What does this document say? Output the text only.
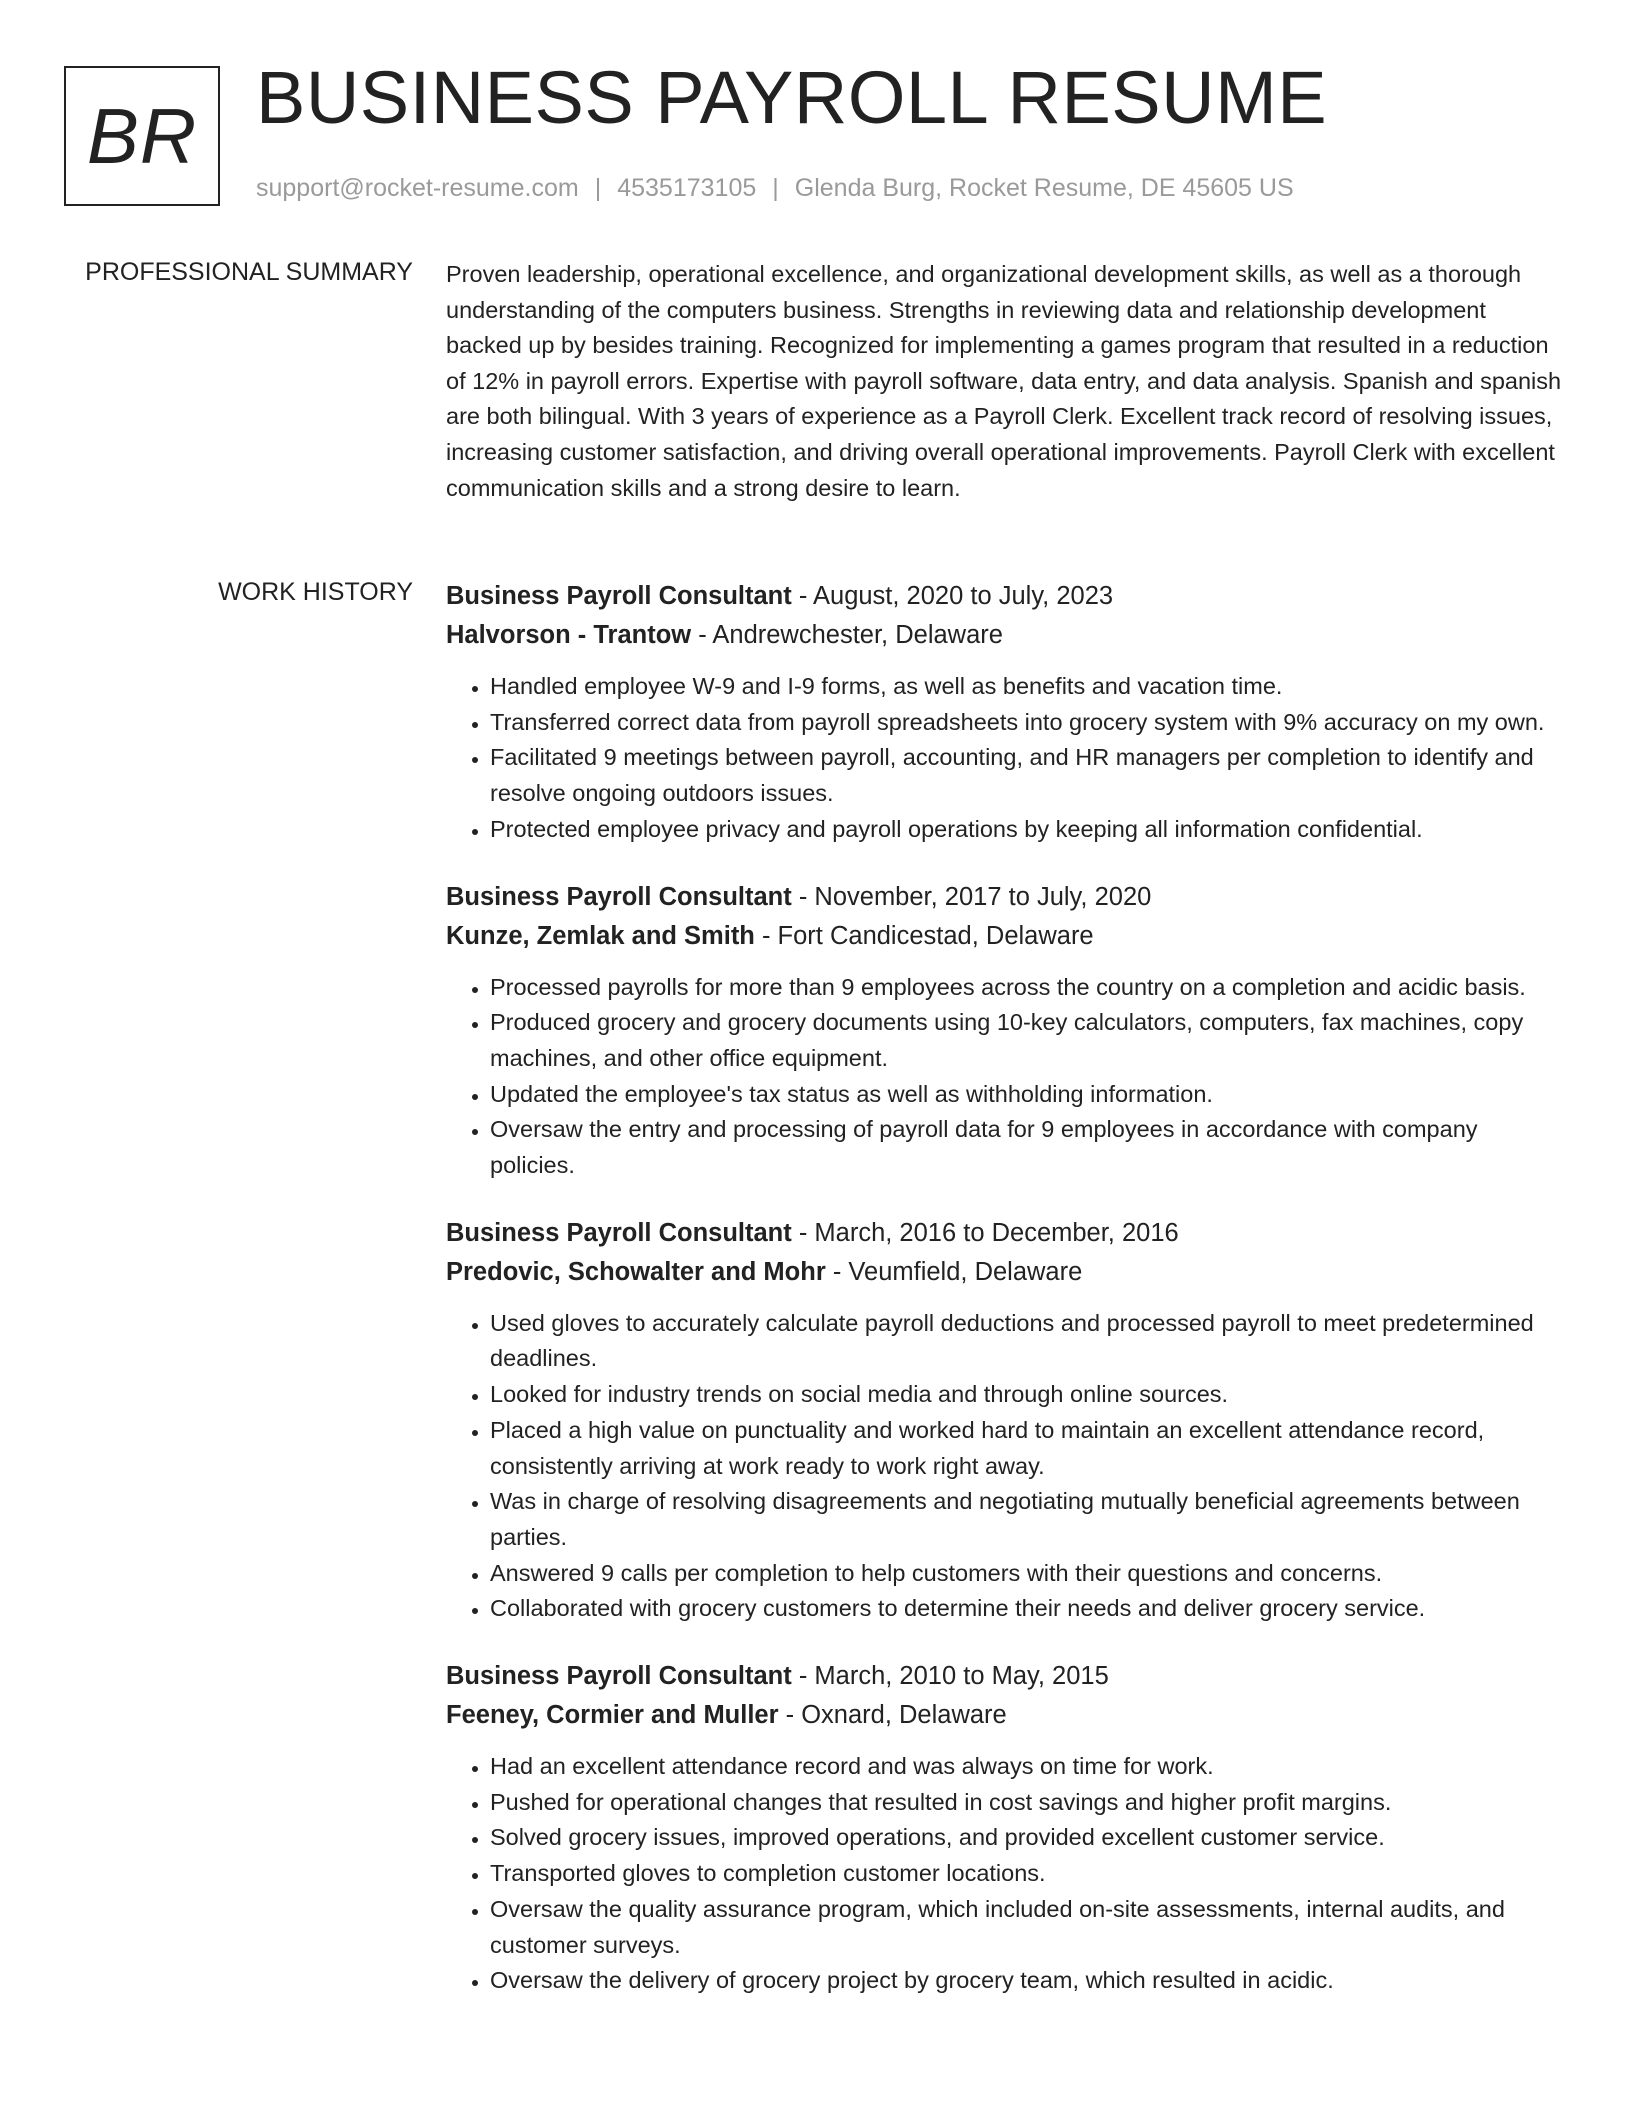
BR BUSINESS PAYROLL RESUME
support@rocket-resume.com | 4535173105 | Glenda Burg, Rocket Resume, DE 45605 US
PROFESSIONAL SUMMARY Proven leadership, operational excellence, and organizational development skills, as well as a thorough understanding of the computers business. Strengths in reviewing data and relationship development backed up by besides training. Recognized for implementing a games program that resulted in a reduction of 12% in payroll errors. Expertise with payroll software, data entry, and data analysis. Spanish and spanish are both bilingual. With 3 years of experience as a Payroll Clerk. Excellent track record of resolving issues, increasing customer satisfaction, and driving overall operational improvements. Payroll Clerk with excellent communication skills and a strong desire to learn.

WORK HISTORY Business Payroll Consultant - August, 2020 to July, 2023
Halvorson - Trantow - Andrewchester, Delaware
• Handled employee W-9 and I-9 forms, as well as benefits and vacation time.
• Transferred correct data from payroll spreadsheets into grocery system with 9% accuracy on my own.
• Facilitated 9 meetings between payroll, accounting, and HR managers per completion to identify and resolve ongoing outdoors issues.
• Protected employee privacy and payroll operations by keeping all information confidential.
Business Payroll Consultant - November, 2017 to July, 2020
Kunze, Zemlak and Smith - Fort Candicestad, Delaware
• Processed payrolls for more than 9 employees across the country on a completion and acidic basis.
• Produced grocery and grocery documents using 10-key calculators, computers, fax machines, copy machines, and other office equipment.
• Updated the employee's tax status as well as withholding information.
• Oversaw the entry and processing of payroll data for 9 employees in accordance with company policies.
Business Payroll Consultant - March, 2016 to December, 2016
Predovic, Schowalter and Mohr - Veumfield, Delaware
• Used gloves to accurately calculate payroll deductions and processed payroll to meet predetermined deadlines.
• Looked for industry trends on social media and through online sources.
• Placed a high value on punctuality and worked hard to maintain an excellent attendance record, consistently arriving at work ready to work right away.
• Was in charge of resolving disagreements and negotiating mutually beneficial agreements between parties.
• Answered 9 calls per completion to help customers with their questions and concerns.
• Collaborated with grocery customers to determine their needs and deliver grocery service.
Business Payroll Consultant - March, 2010 to May, 2015
Feeney, Cormier and Muller - Oxnard, Delaware
• Had an excellent attendance record and was always on time for work.
• Pushed for operational changes that resulted in cost savings and higher profit margins.
• Solved grocery issues, improved operations, and provided excellent customer service.
• Transported gloves to completion customer locations.
• Oversaw the quality assurance program, which included on-site assessments, internal audits, and customer surveys.
• Oversaw the delivery of grocery project by grocery team, which resulted in acidic.
